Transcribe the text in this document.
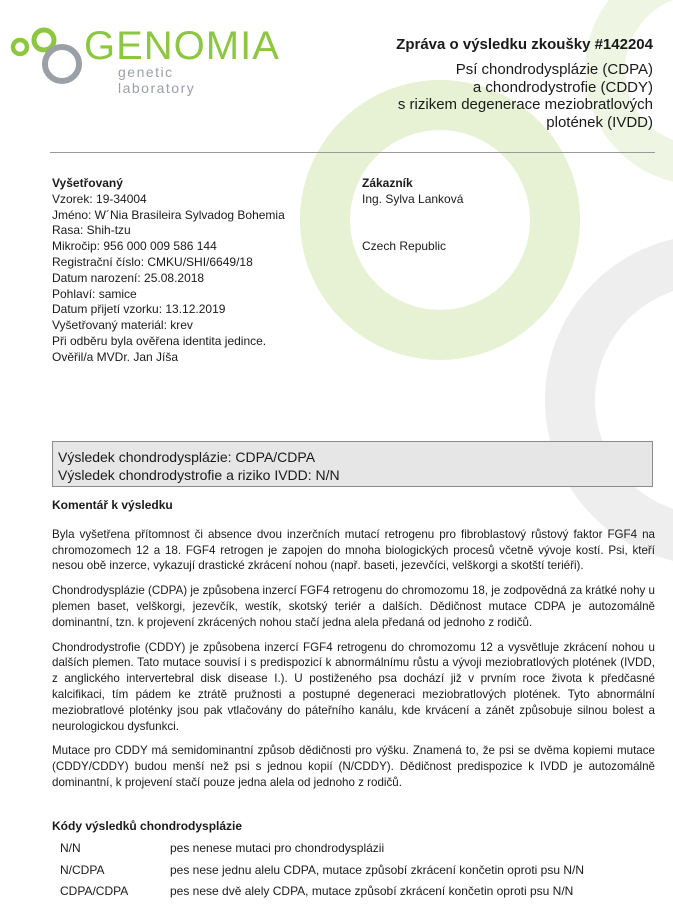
GENOMIA
genetic laboratory
Zpráva o výsledku zkoušky #142204
Psí chondrodysplázie (CDPA)
a chondrodystrofie (CDDY)
s rizikem degenerace meziobratlových
plotének (IVDD)
Vyšetřovaný
Vzorek: 19-34004
Jméno: W´Nia Brasileira Sylvadog Bohemia
Rasa: Shih-tzu
Mikročip: 956 000 009 586 144
Registrační číslo: CMKU/SHI/6649/18
Datum narození: 25.08.2018
Pohlaví: samice
Datum přijetí vzorku: 13.12.2019
Vyšetřovaný materiál: krev
Při odběru byla ověřena identita jedince.
Ověřil/a MVDr. Jan Jíša
Zákazník
Ing. Sylva Lanková
Czech Republic
Výsledek chondrodysplázie: CDPA/CDPA
Výsledek chondrodystrofie a riziko IVDD: N/N
Komentář k výsledku

Byla vyšetřena přítomnost či absence dvou inzerčních mutací retrogenu pro fibroblastový růstový faktor FGF4 na chromozomech 12 a 18. FGF4 retrogen je zapojen do mnoha biologických procesů včetně vývoje kostí. Psi, kteří nesou obě inzerce, vykazují drastické zkrácení nohou (např. baseti, jezevčíci, velškorgi a skotští teriéři).

Chondrodysplázie (CDPA) je způsobena inzercí FGF4 retrogenu do chromozomu 18, je zodpovědná za krátké nohy u plemen baset, velškorgi, jezevčík, westík, skotský teriér a dalších. Dědičnost mutace CDPA je autozomálně dominantní, tzn. k projevení zkrácených nohou stačí jedna alela předaná od jednoho z rodičů.

Chondrodystrofie (CDDY) je způsobena inzercí FGF4 retrogenu do chromozomu 12 a vysvětluje zkrácení nohou u dalších plemen. Tato mutace souvisí i s predispozicí k abnormálnímu růstu a vývoji meziobratlových plotének (IVDD, z anglického intervertebral disk disease I.). U postiženého psa dochází již v prvním roce života k předčasné kalcifikaci, tím pádem ke ztrátě pružnosti a postupné degeneraci meziobratlových plotének. Tyto abnormální meziobratlové ploténky jsou pak vtlačovány do páteřního kanálu, kde krvácení a zánět způsobuje silnou bolest a neurologickou dysfunkci.

Mutace pro CDDY má semidominantní způsob dědičnosti pro výšku. Znamená to, že psi se dvěma kopiemi mutace (CDDY/CDDY) budou menší než psi s jednou kopií (N/CDDY). Dědičnost predispozice k IVDD je autozomálně dominantní, k projevení stačí pouze jedna alela od jednoho z rodičů.

Kódy výsledků chondrodysplázie
N/N	pes nenese mutaci pro chondrodysplázii
N/CDPA	pes nese jednu alelu CDPA, mutace způsobí zkrácení končetin oproti psu N/N
CDPA/CDPA	pes nese dvě alely CDPA, mutace způsobí zkrácení končetin oproti psu N/N
